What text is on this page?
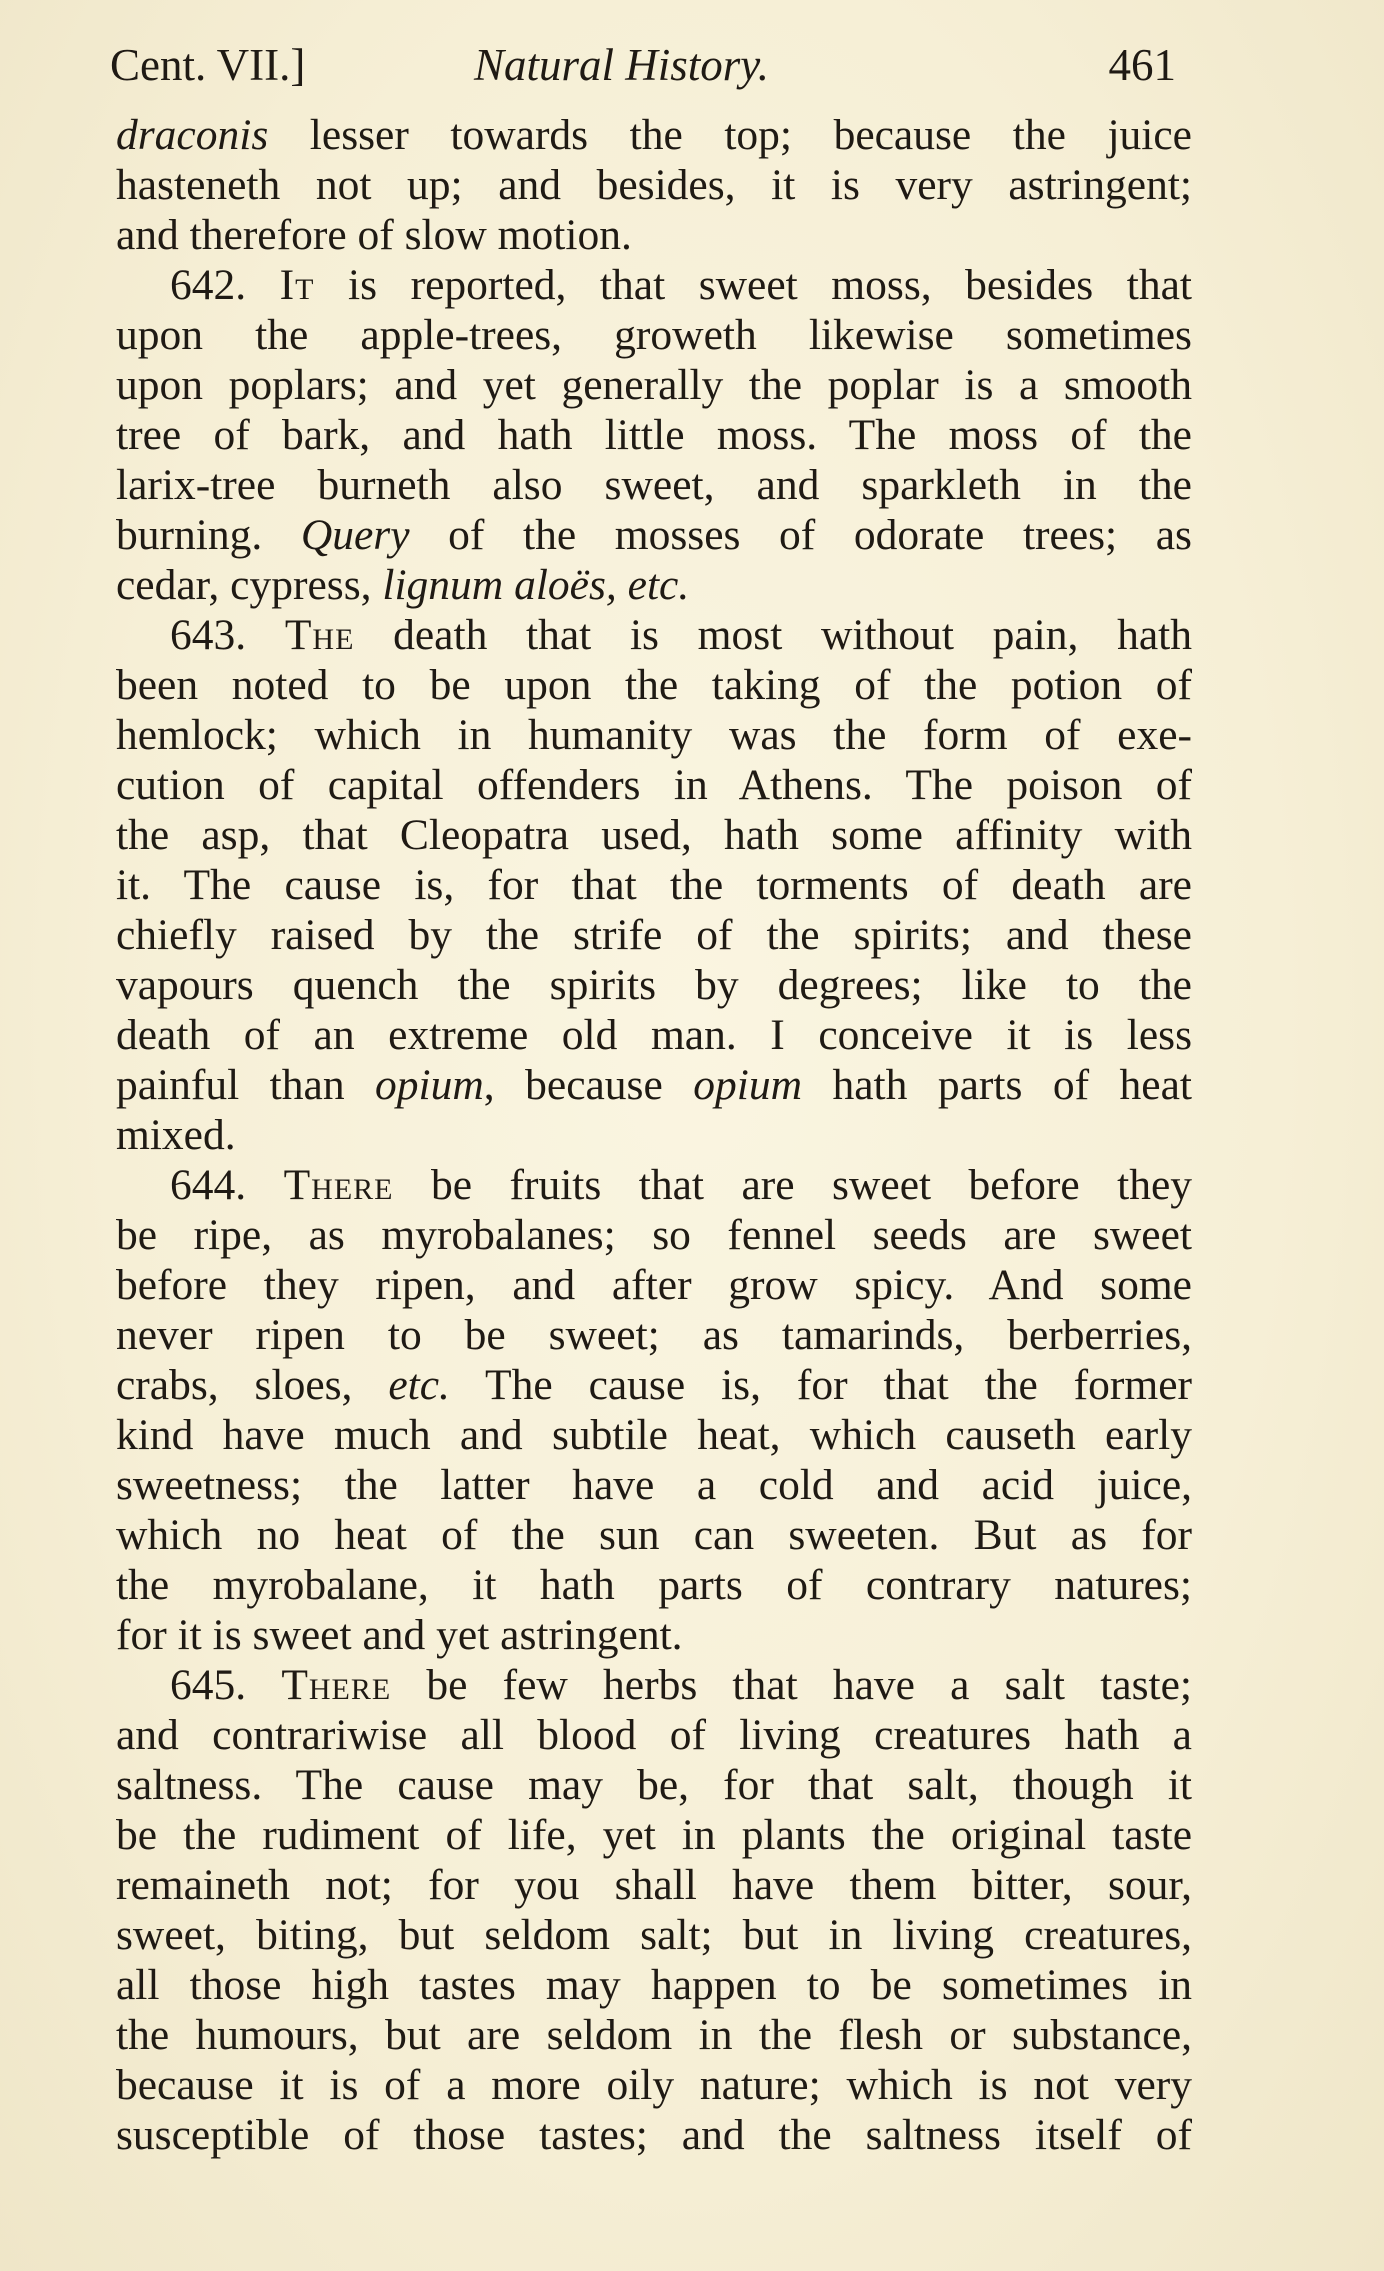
Cent. VII.]	Natural History.	461
draconis lesser towards the top; because the juice
hasteneth not up; and besides, it is very astringent;
and therefore of slow motion.
642. It is reported, that sweet moss, besides that
upon the apple-trees, groweth likewise sometimes
upon poplars; and yet generally the poplar is a smooth
tree of bark, and hath little moss. The moss of the
larix-tree burneth also sweet, and sparkleth in the
burning. Query of the mosses of odorate trees; as
cedar, cypress, lignum aloës, etc.
643. The death that is most without pain, hath
been noted to be upon the taking of the potion of
hemlock; which in humanity was the form of exe-
cution of capital offenders in Athens. The poison of
the asp, that Cleopatra used, hath some affinity with
it. The cause is, for that the torments of death are
chiefly raised by the strife of the spirits; and these
vapours quench the spirits by degrees; like to the
death of an extreme old man. I conceive it is less
painful than opium, because opium hath parts of heat
mixed.
644. There be fruits that are sweet before they
be ripe, as myrobalanes; so fennel seeds are sweet
before they ripen, and after grow spicy. And some
never ripen to be sweet; as tamarinds, berberries,
crabs, sloes, etc. The cause is, for that the former
kind have much and subtile heat, which causeth early
sweetness; the latter have a cold and acid juice,
which no heat of the sun can sweeten. But as for
the myrobalane, it hath parts of contrary natures;
for it is sweet and yet astringent.
645. There be few herbs that have a salt taste;
and contrariwise all blood of living creatures hath a
saltness. The cause may be, for that salt, though it
be the rudiment of life, yet in plants the original taste
remaineth not; for you shall have them bitter, sour,
sweet, biting, but seldom salt; but in living creatures,
all those high tastes may happen to be sometimes in
the humours, but are seldom in the flesh or substance,
because it is of a more oily nature; which is not very
susceptible of those tastes; and the saltness itself of
